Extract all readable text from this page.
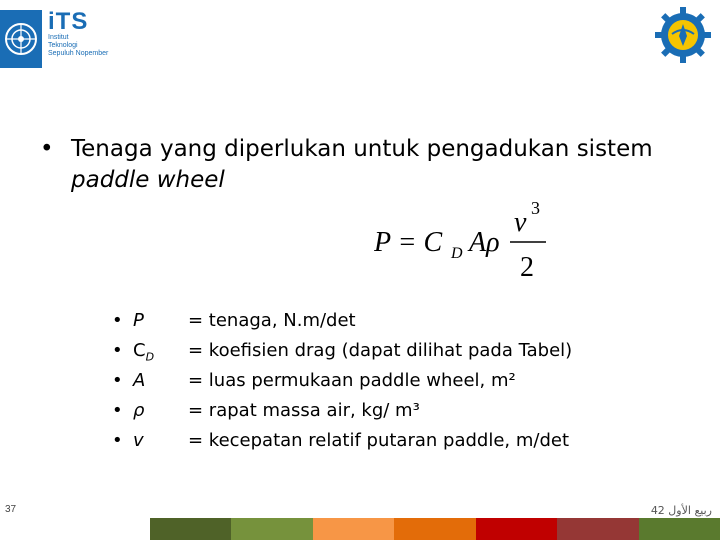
iTS
Institut
Teknologi
Sepuluh Nopember
• Tenaga yang diperlukan untuk pengadukan sistem paddle wheel
P = C D Aρ
v 3
2
• P = tenaga, N.m/det
• $C_D$ = koefisien drag (dapat dilihat pada Tabel)
• A = luas permukaan paddle wheel, m²
• ρ = rapat massa air, kg/ m³
• v = kecepatan relatif putaran paddle, m/det
37	ربيع الأول 42
